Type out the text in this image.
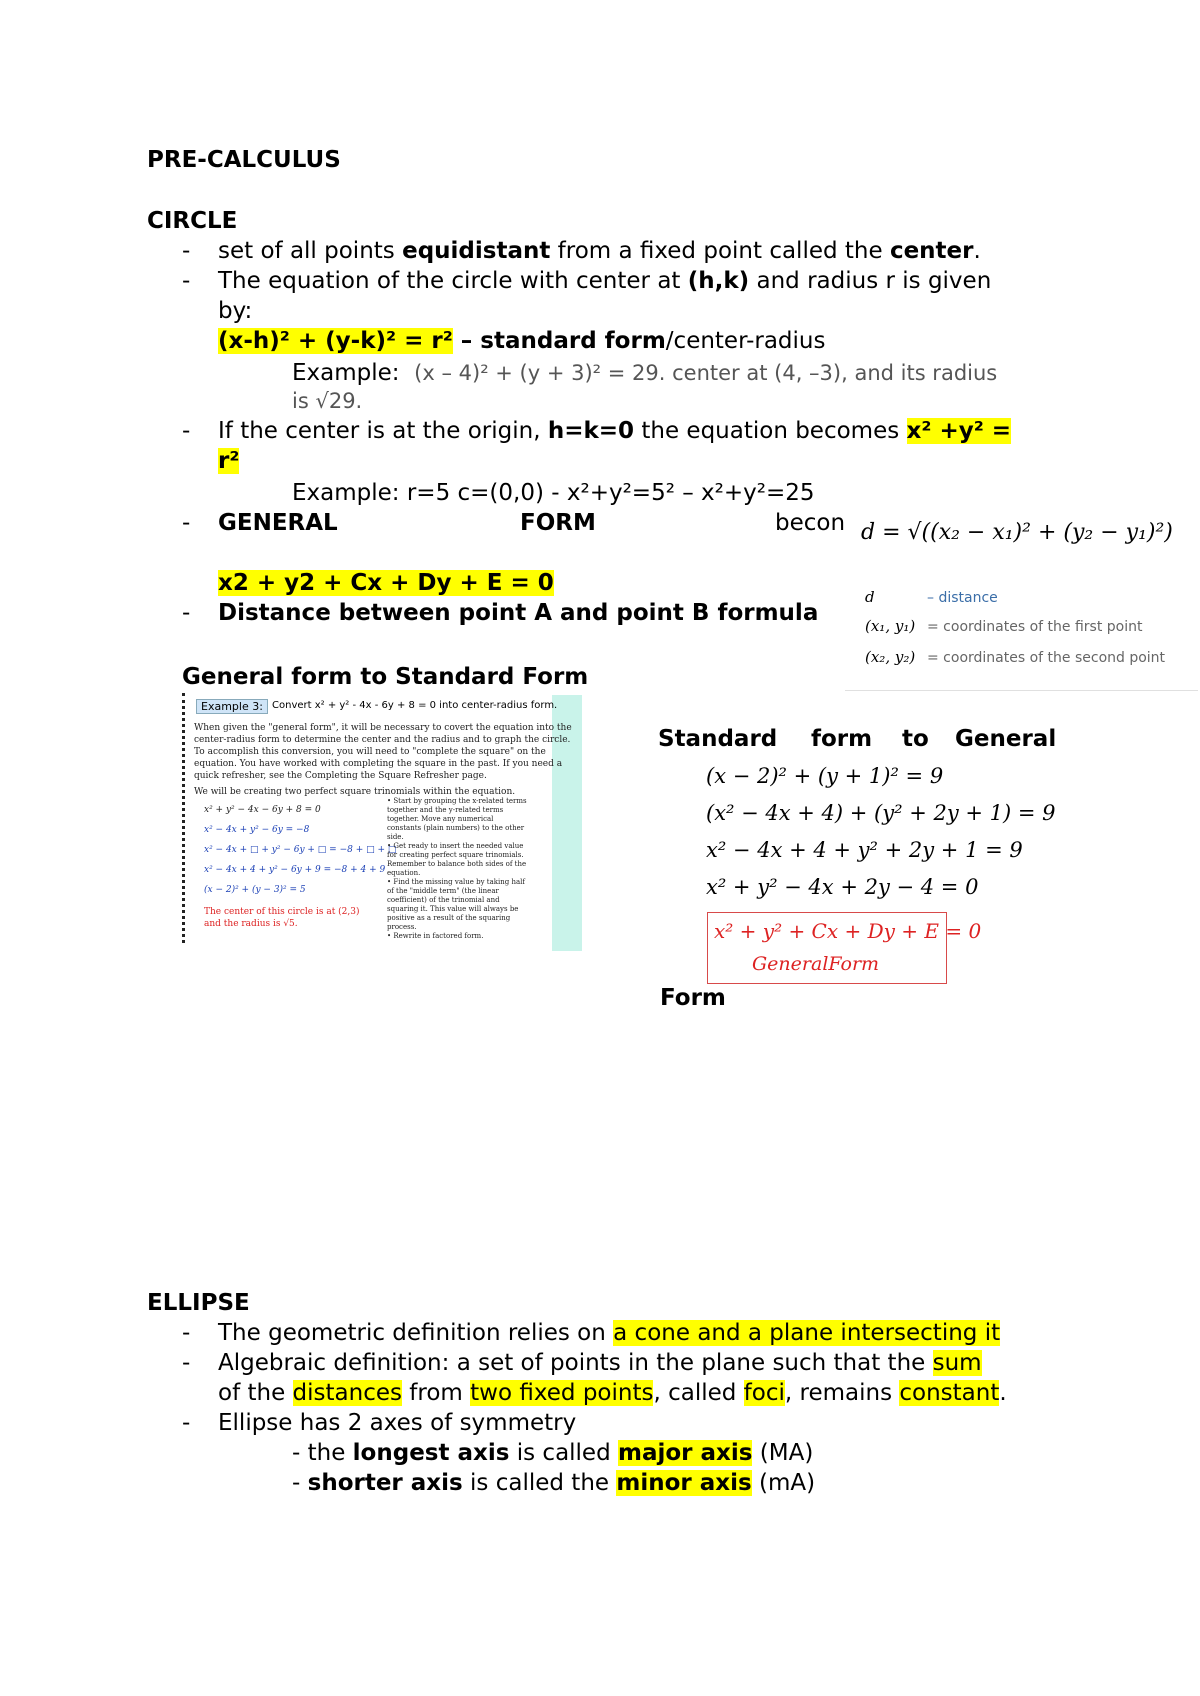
PRE-CALCULUS
CIRCLE
- set of all points equidistant from a fixed point called the center.
- The equation of the circle with center at (h,k) and radius r is given
by:
(x-h)² + (y-k)² = r² – standard form/center-radius
Example: (x – 4)² + (y + 3)² = 29. center at (4, –3), and its radius
is √29.
- If the center is at the origin, h=k=0 the equation becomes x² +y² =
r²
Example: r=5 c=(0,0) - x²+y²=5² – x²+y²=25
- GENERAL	FORM	becon
x2 + y2 + Cx + Dy + E = 0
- Distance between point A and point B formula
d = √((x₂ − x₁)² + (y₂ − y₁)²)
d	– distance
(x₁, y₁) = coordinates of the first point
(x₂, y₂) = coordinates of the second point
General form to Standard Form
Example 3: Convert x² + y² - 4x - 6y + 8 = 0 into center-radius form.
When given the "general form", it will be necessary to covert the equation into the
center-radius form to determine the center and the radius and to graph the circle.
To accomplish this conversion, you will need to "complete the square" on the
equation. You have worked with completing the square in the past. If you need a
quick refresher, see the Completing the Square Refresher page.
We will be creating two perfect square trinomials within the equation.
x² + y² − 4x − 6y + 8 = 0
x² − 4x + y² − 6y = −8
x² − 4x + □ + y² − 6y + □ = −8 + □ + □
x² − 4x + 4 + y² − 6y + 9 = −8 + 4 + 9
(x − 2)² + (y − 3)² = 5
The center of this circle is at (2,3)
and the radius is √5.
• Start by grouping the x-related terms
together and the y-related terms
together. Move any numerical
constants (plain numbers) to the other
side.
• Get ready to insert the needed value
for creating perfect square trinomials.
Remember to balance both sides of the
equation.
• Find the missing value by taking half
of the "middle term" (the linear
coefficient) of the trinomial and
squaring it. This value will always be
positive as a result of the squaring
process.
• Rewrite in factored form.
Standard form to General
(x − 2)² + (y + 1)² = 9
(x² − 4x + 4) + (y² + 2y + 1) = 9
x² − 4x + 4 + y² + 2y + 1 = 9
x² + y² − 4x + 2y − 4 = 0
x² + y² + Cx + Dy + E = 0
GeneralForm
Form
ELLIPSE
- The geometric definition relies on a cone and a plane intersecting it
- Algebraic definition: a set of points in the plane such that the sum
of the distances from two fixed points, called foci, remains constant.
- Ellipse has 2 axes of symmetry
- the longest axis is called major axis (MA)
- shorter axis is called the minor axis (mA)
